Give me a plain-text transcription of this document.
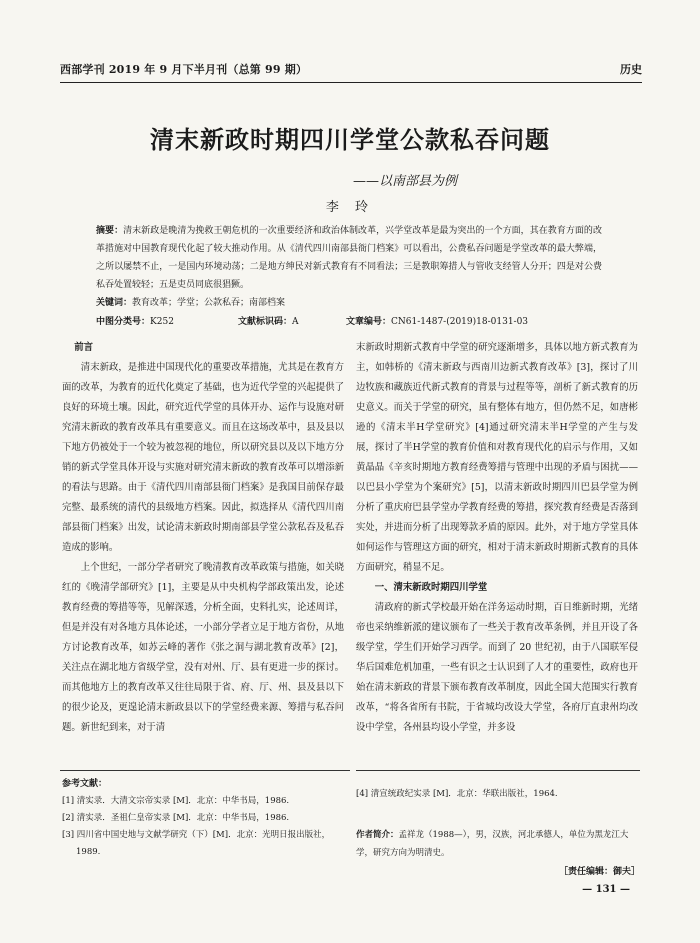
西部学刊 2019 年 9 月下半月刊（总第 99 期）	历史
清末新政时期四川学堂公款私吞问题
——以南部县为例
李 玲
摘要：清末新政是晚清为挽救王朝危机的一次重要经济和政治体制改革，兴学堂改革是最为突出的一个方面，其在教育方面的改革措施对中国教育现代化起了较大推动作用。从《清代四川南部县衙门档案》可以看出，公费私吞问题是学堂改革的最大弊端，之所以屡禁不止，一是国内环境动荡；二是地方绅民对新式教育有不同看法；三是教职筹措人与管收支经管人分开；四是对公费私吞处置较轻；五是吏员同底很猖獗。
关键词：教育改革；学堂；公款私吞；南部档案
中图分类号：K252	文献标识码：A	文章编号：CN61-1487-(2019)18-0131-03

前言

清末新政，是推进中国现代化的重要改革措施，尤其是在教育方面的改革，为教育的近代化奠定了基础，也为近代学堂的兴起提供了良好的环境土壤。因此，研究近代学堂的具体开办、运作与设施对研究清末新政的教育改革具有重要意义。而且在这场改革中，县及县以下地方仍被处于一个较为被忽视的地位，所以研究县以及以下地方分销的新式学堂具体开设与实施对研究清末新政的教育改革可以增添新的看法与思路。由于《清代四川南部县衙门档案》是我国目前保存最完整、最系统的清代的县级地方档案。因此，拟选择从《清代四川南部县衙门档案》出发，试论清末新政时期南部县学堂公款私吞及私吞造成的影响。

上个世纪，一部分学者研究了晚清教育改革政策与措施，如关晓红的《晚清学部研究》[1]，主要是从中央机构学部政策出发，论述教育经费的筹措等等，见解深透，分析全面，史料扎实，论述周详，但是并没有对各地方具体论述，一小部分学者立足于地方省份，从地方讨论教育改革，如苏云峰的著作《张之洞与湖北教育改革》[2]，关注点在湖北地方省级学堂，没有对州、厅、县有更进一步的探讨。而其他地方上的教育改革又往往局限于省、府、厅、州、县及县以下的很少论及，更遑论清末新政县以下的学堂经费来源、筹措与私吞问题。新世纪到来，对于清

末新政时期新式教育中学堂的研究逐渐增多，具体以地方新式教育为主，如韩桥的《清末新政与西南川边新式教育改革》[3]，探讨了川边牧族和藏族近代新式教育的背景与过程等等，剖析了新式教育的历史意义。而关于学堂的研究，虽有整体有地方，但仍然不足，如唐彬逊的《清末半H学堂研究》[4]通过研究清末半H学堂的产生与发展，探讨了半H学堂的教育价值和对教育现代化的启示与作用，又如黄晶晶《辛亥时期地方教育经费筹措与管理中出现的矛盾与困扰——以巴县小学堂为个案研究》[5]，以清末新政时期四川巴县学堂为例分析了重庆府巴县学堂办学教育经费的筹措，探究教育经费是否落到实处，并进而分析了出现筹款矛盾的原因。此外，对于地方学堂具体如何运作与管理这方面的研究，相对于清末新政时期新式教育的具体方面研究，稍显不足。

一、清末新政时期四川学堂

清政府的新式学校最开始在洋务运动时期，百日维新时期，光绪帝也采纳维新派的建议颁布了一些关于教育改革条例，并且开设了各级学堂，学生们开始学习西学。而到了 20 世纪初，由于八国联军侵华后国难危机加重，一些有识之士认识到了人才的重要性，政府也开始在清末新政的背景下颁布教育改革制度，因此全国大范围实行教育改革，“将各省所有书院，于省城均改设大学堂，各府厅直隶州均改设中学堂，各州县均设小学堂，并多设

参考文献：

[1] 清实录．大清文宗帝实录 [M]．北京：中华书局，1986.

[2] 清实录．圣祖仁皇帝实录 [M]．北京：中华书局，1986.

[3] 四川省中国史地与文献学研究（下）[M]．北京：光明日报出版社，1989.

[4] 清宣统政纪实录 [M]．北京：华联出版社，1964.

作者简介：孟祥龙（1988—），男，汉族，河北承德人，单位为黑龙江大学，研究方向为明清史。
［责任编辑：御夫］
— 131 —
